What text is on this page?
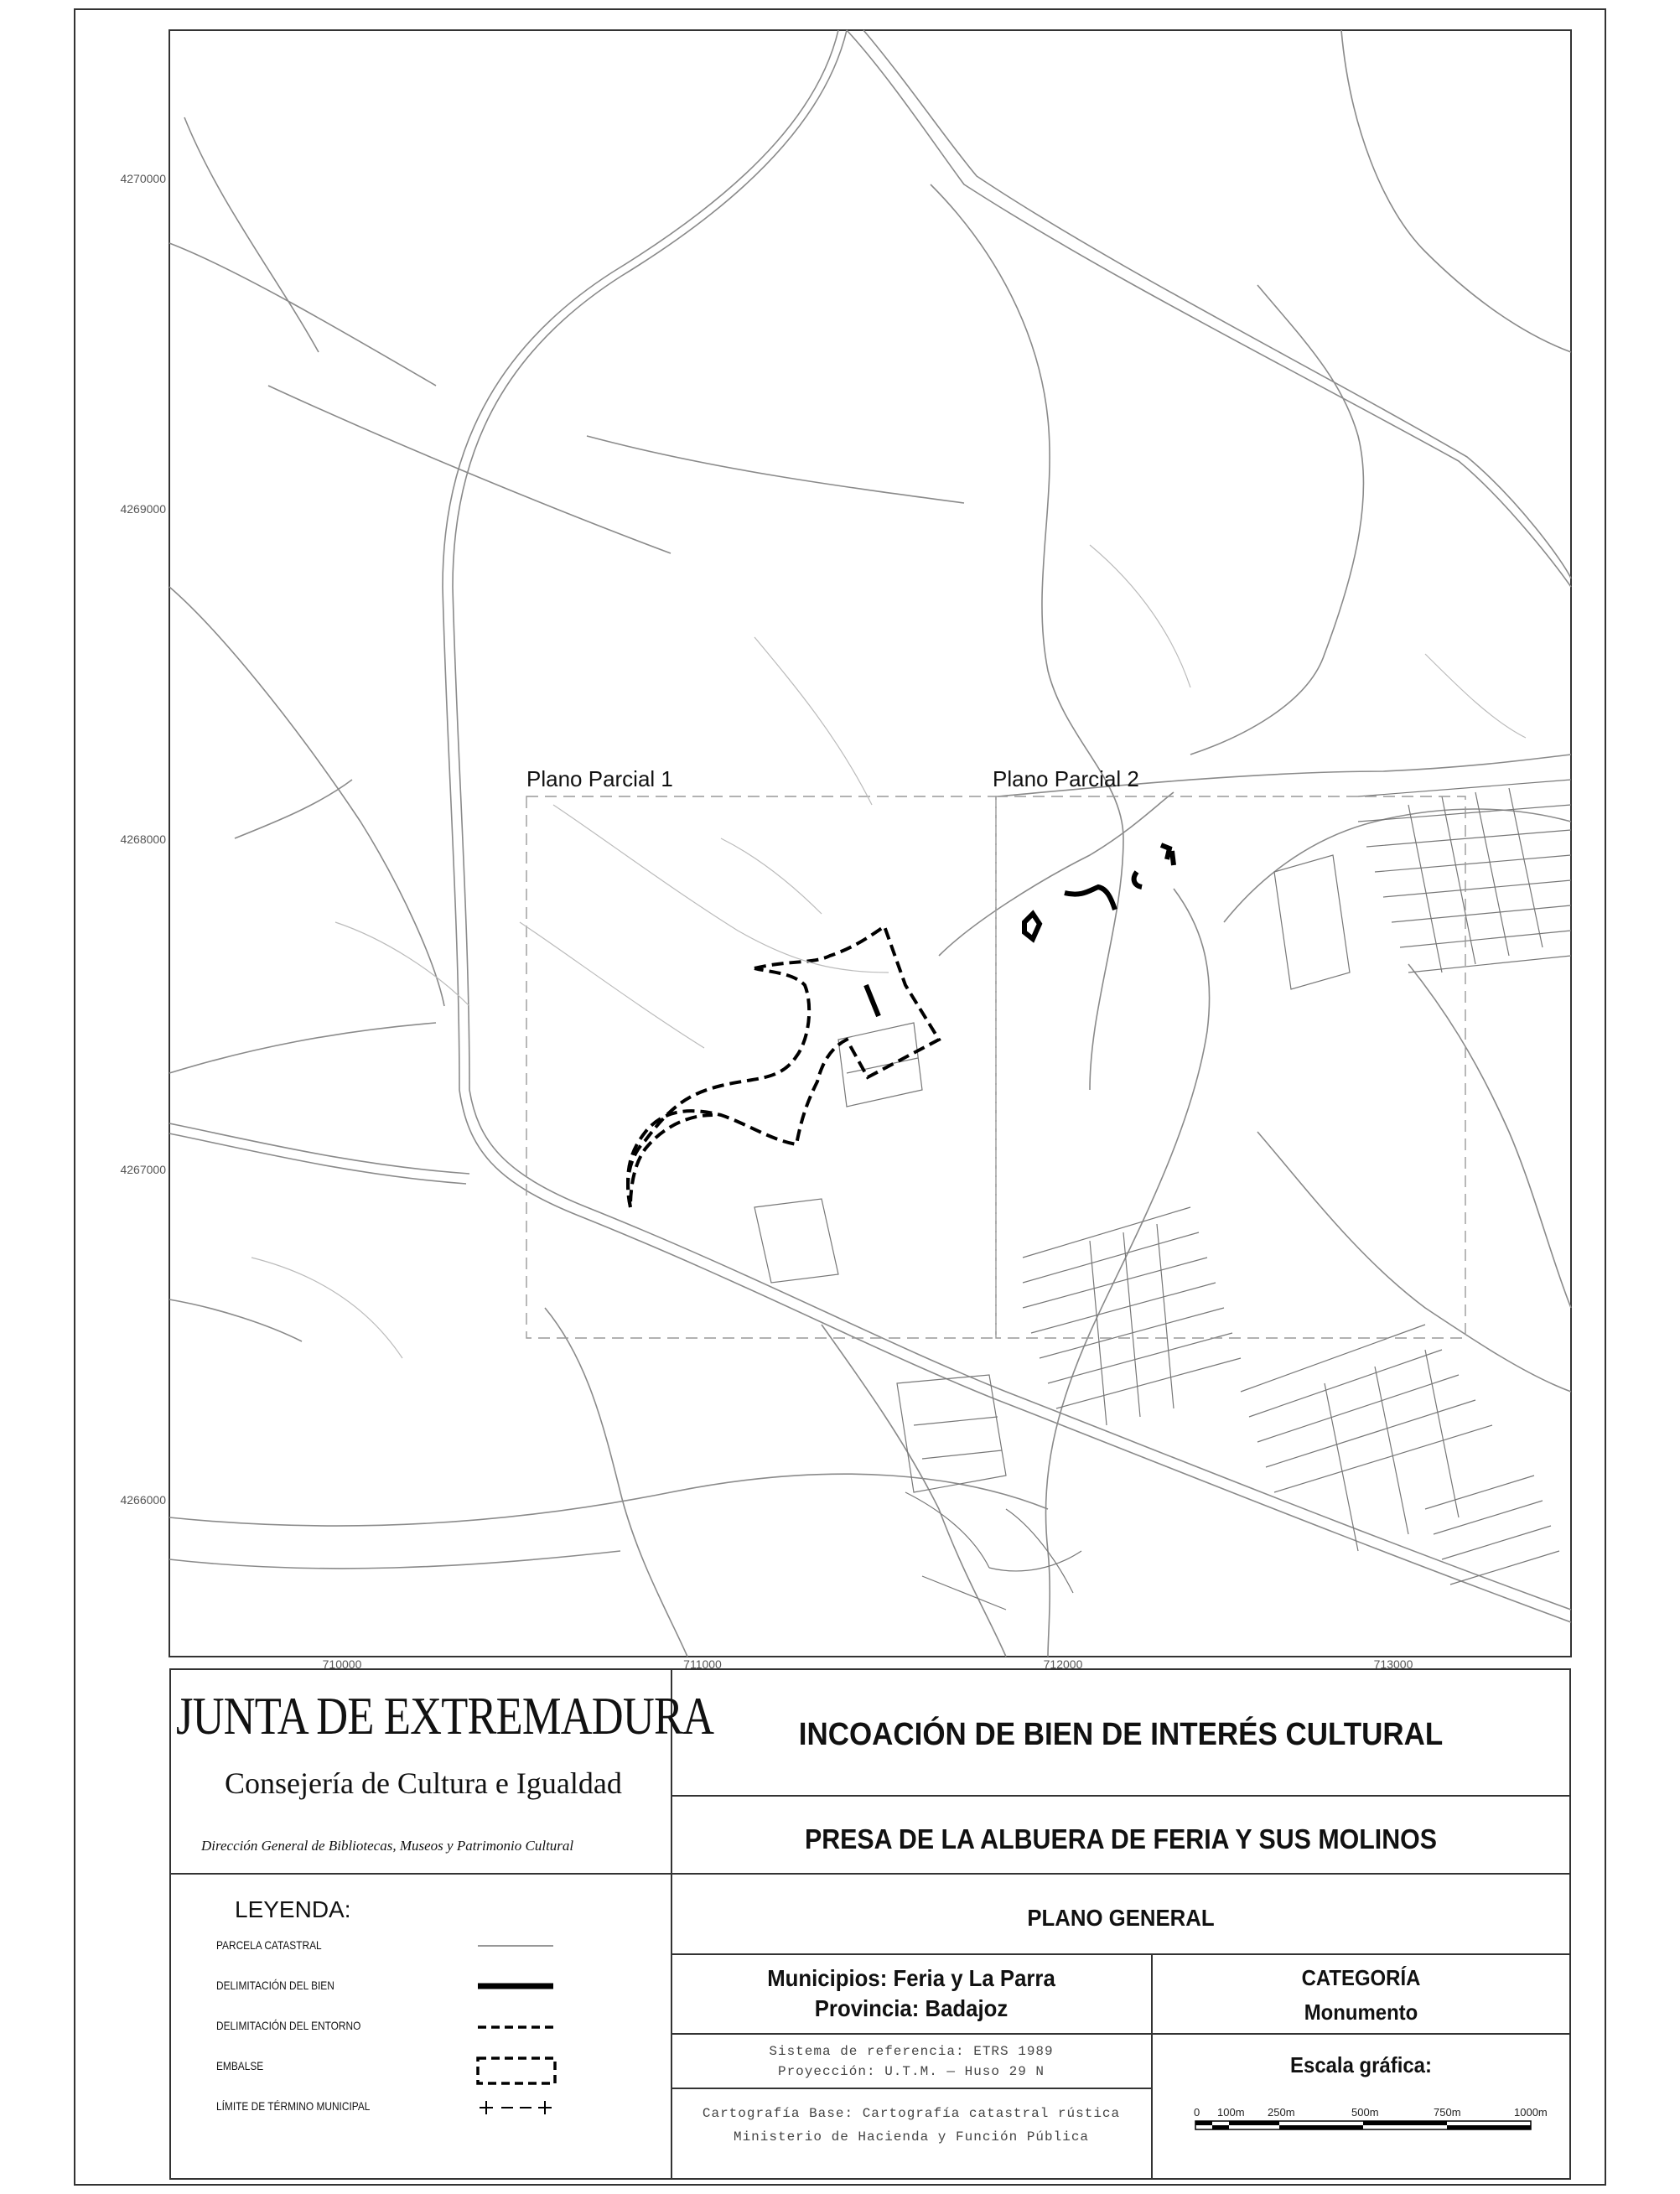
4270000
4269000
4268000
4267000
4266000
710000	711000	712000	713000
Plano Parcial 1	Plano Parcial 2
JUNTA DE EXTREMADURA
Consejería de Cultura e Igualdad
Dirección General de Bibliotecas, Museos y Patrimonio Cultural
INCOACIÓN DE BIEN DE INTERÉS CULTURAL
PRESA DE LA ALBUERA DE FERIA Y SUS MOLINOS
PLANO GENERAL
LEYENDA:
PARCELA CATASTRAL
DELIMITACIÓN DEL BIEN
DELIMITACIÓN DEL ENTORNO
EMBALSE
LÍMITE DE TÉRMINO MUNICIPAL
Municipios: Feria y La Parra
Provincia: Badajoz
Sistema de referencia: ETRS 1989
Proyección: U.T.M. — Huso 29 N
Cartografía Base: Cartografía catastral rústica
Ministerio de Hacienda y Función Pública
CATEGORÍA
Monumento
Escala gráfica:
0 100m 250m	500m	750m	1000m
